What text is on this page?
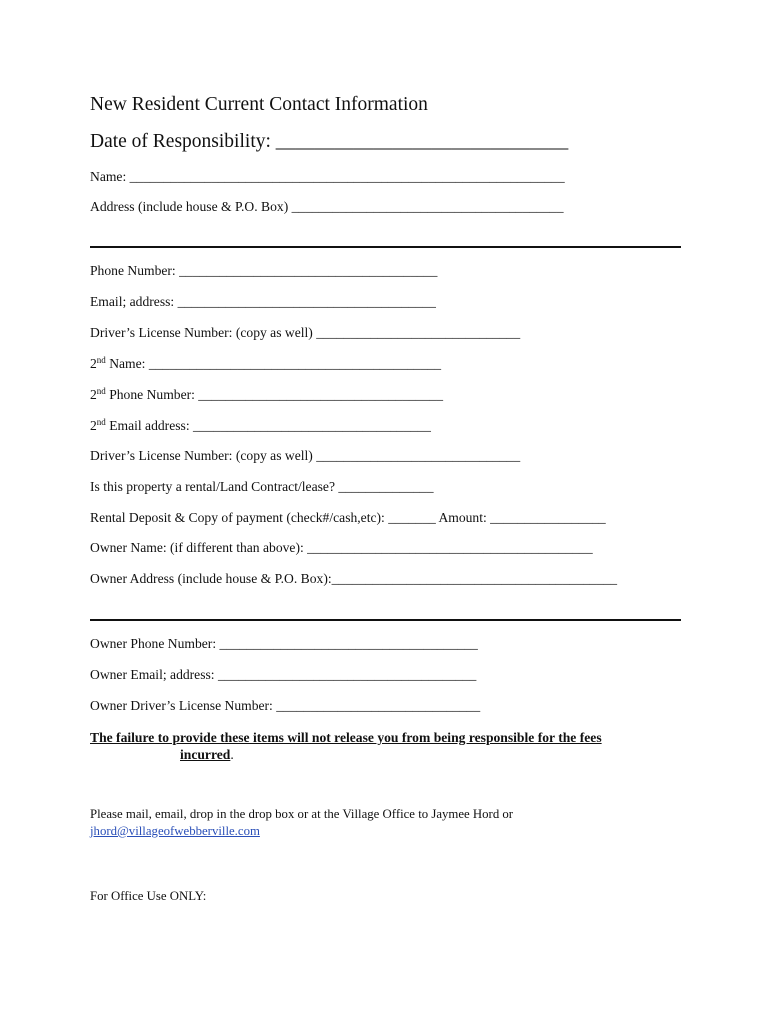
New Resident Current Contact Information
Date of Responsibility: ______________________________
Name: ________________________________________________________________
Address (include house & P.O. Box) ________________________________________
Phone Number: ______________________________________
Email; address: ______________________________________
Driver’s License Number: (copy as well) ______________________________
2nd Name: ___________________________________________
2nd Phone Number: ____________________________________
2nd Email address: ___________________________________
Driver’s License Number: (copy as well) ______________________________
Is this property a rental/Land Contract/lease? ______________
Rental Deposit & Copy of payment (check#/cash,etc): _______ Amount: _________________
Owner Name: (if different than above): __________________________________________
Owner Address (include house & P.O. Box):__________________________________________
Owner Phone Number: ______________________________________
Owner Email; address: ______________________________________
Owner Driver’s License Number: ______________________________
The failure to provide these items will not release you from being responsible for the fees
incurred.
Please mail, email, drop in the drop box or at the Village Office to Jaymee Hord or
jhord@villageofwebberville.com
For Office Use ONLY:
